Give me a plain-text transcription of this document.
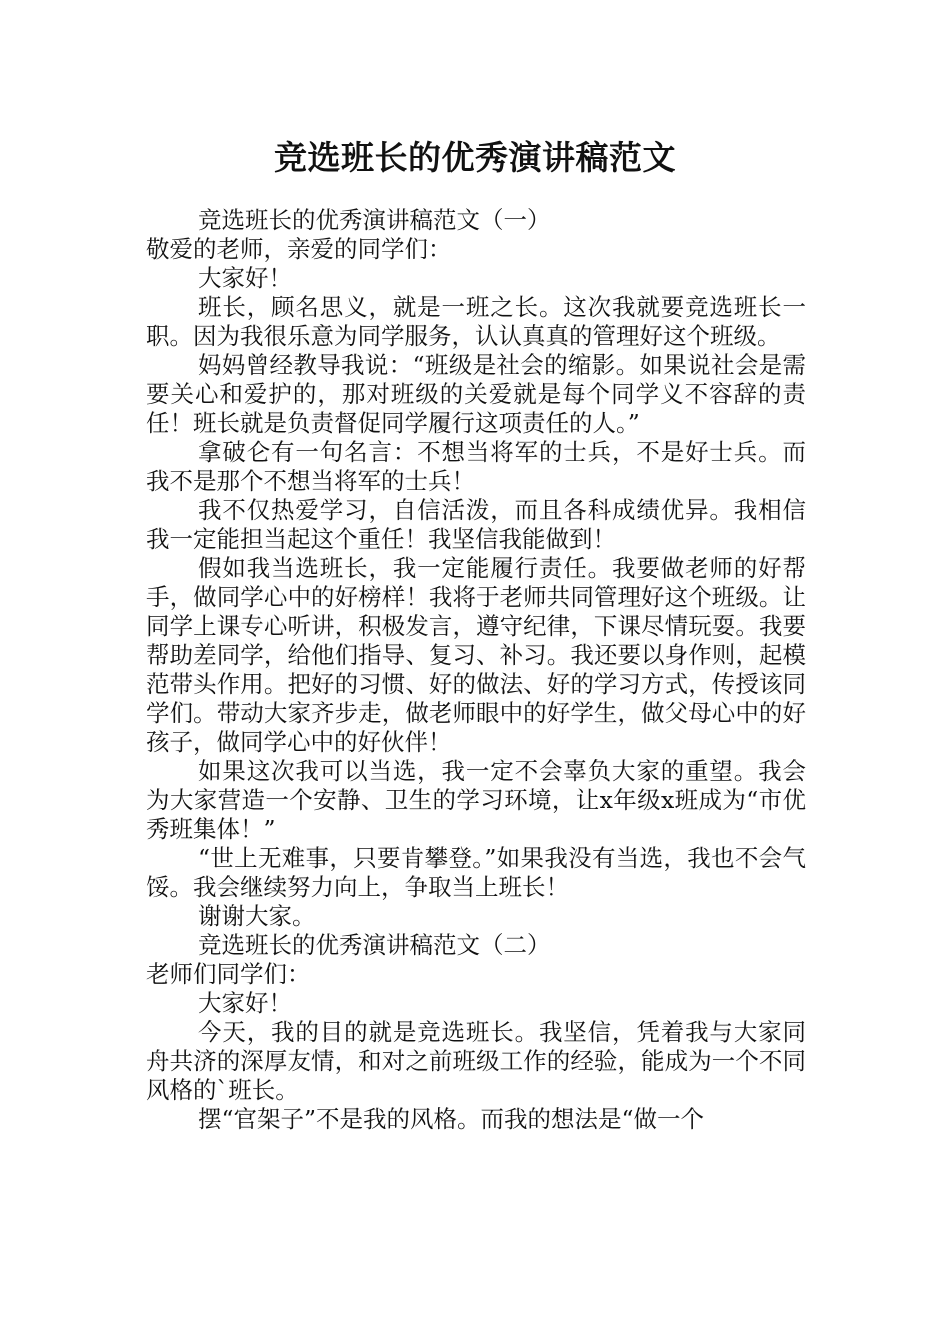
竞选班长的优秀演讲稿范文

竞选班长的优秀演讲稿范文（一）

敬爱的老师，亲爱的同学们：

大家好！

班长，顾名思义，就是一班之长。这次我就要竞选班长一职。因为我很乐意为同学服务，认认真真的管理好这个班级。

妈妈曾经教导我说：“班级是社会的缩影。如果说社会是需要关心和爱护的，那对班级的关爱就是每个同学义不容辞的责任！班长就是负责督促同学履行这项责任的人。”

拿破仑有一句名言：不想当将军的士兵，不是好士兵。而我不是那个不想当将军的士兵！

我不仅热爱学习，自信活泼，而且各科成绩优异。我相信我一定能担当起这个重任！我坚信我能做到！

假如我当选班长，我一定能履行责任。我要做老师的好帮手，做同学心中的好榜样！我将于老师共同管理好这个班级。让同学上课专心听讲，积极发言，遵守纪律，下课尽情玩耍。我要帮助差同学，给他们指导、复习、补习。我还要以身作则，起模范带头作用。把好的习惯、好的做法、好的学习方式，传授该同学们。带动大家齐步走，做老师眼中的好学生，做父母心中的好孩子，做同学心中的好伙伴！

如果这次我可以当选，我一定不会辜负大家的重望。我会为大家营造一个安静、卫生的学习环境，让x年级x班成为“市优秀班集体！”

“世上无难事，只要肯攀登。”如果我没有当选，我也不会气馁。我会继续努力向上，争取当上班长！

谢谢大家。

竞选班长的优秀演讲稿范文（二）

老师们同学们：

大家好！

今天，我的目的就是竞选班长。我坚信，凭着我与大家同舟共济的深厚友情，和对之前班级工作的经验，能成为一个不同风格的`班长。

摆“官架子”不是我的风格。而我的想法是“做一个
